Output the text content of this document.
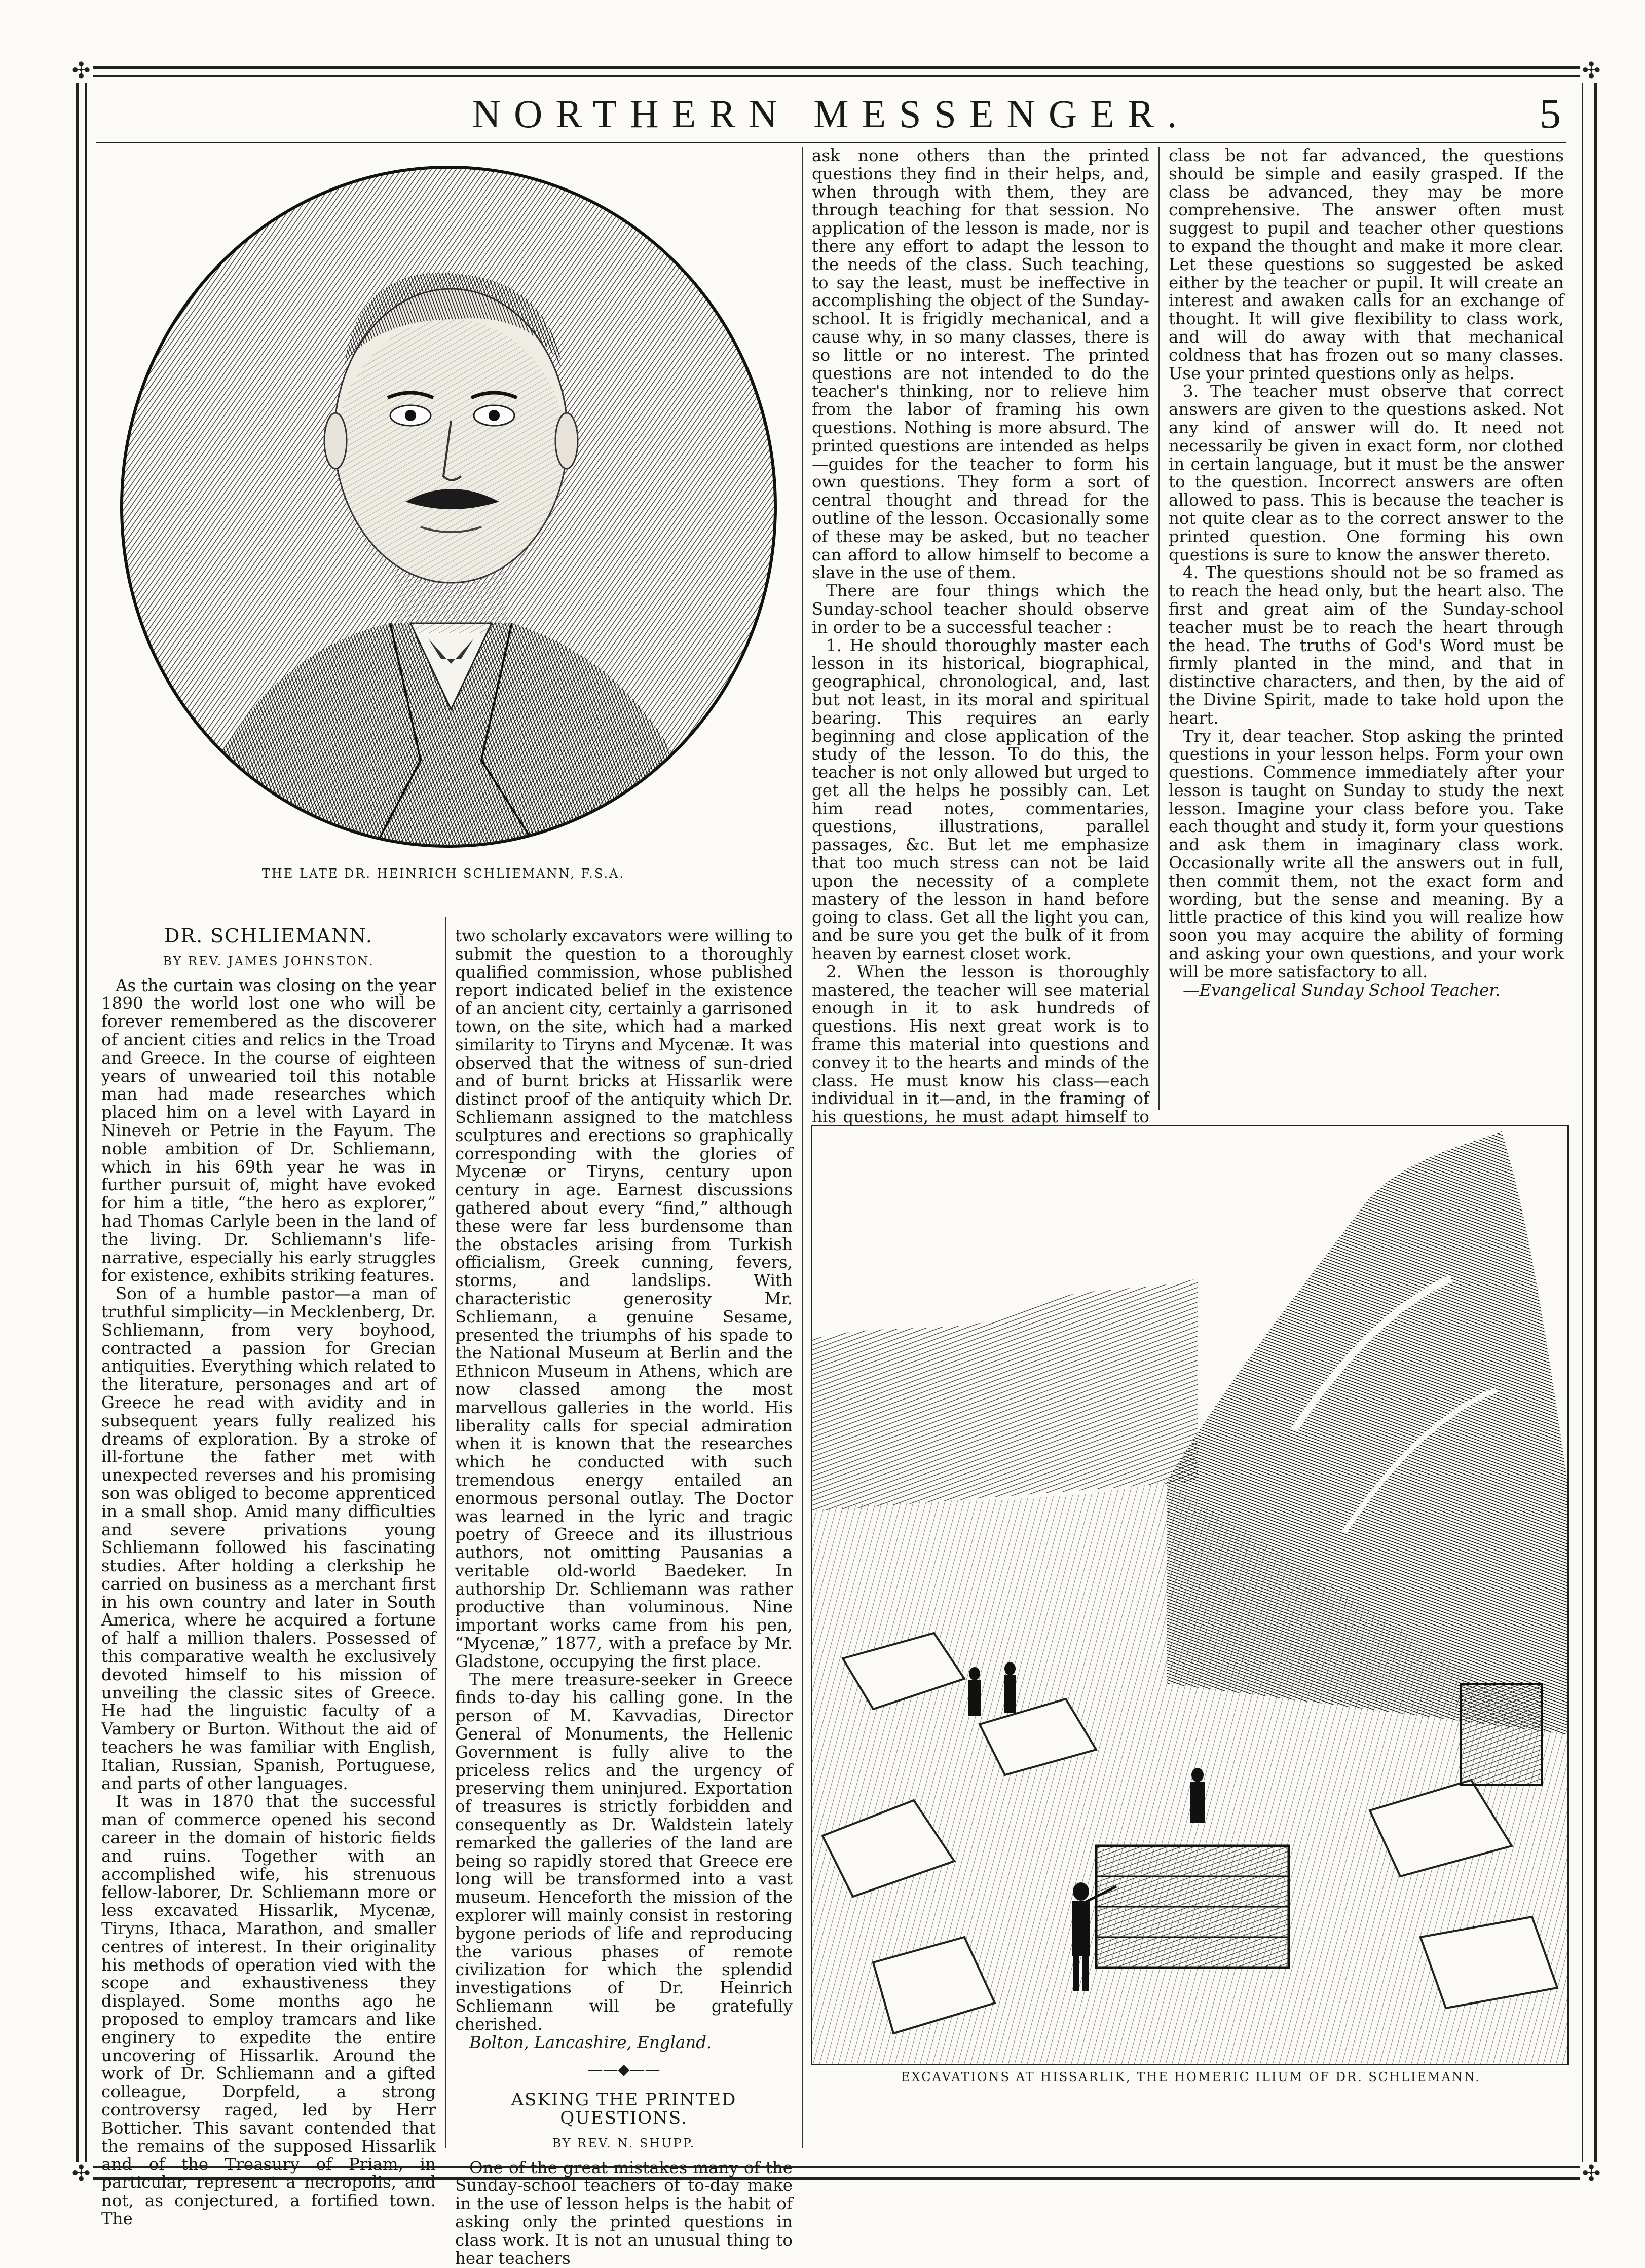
✣	✣
✣	✣
NORTHERN MESSENGER.	5
THE LATE DR. HEINRICH SCHLIEMANN, F.S.A.
DR. SCHLIEMANN.
BY REV. JAMES JOHNSTON.

As the curtain was closing on the year 1890 the world lost one who will be forever remembered as the discoverer of ancient cities and relics in the Troad and Greece. In the course of eighteen years of unwearied toil this notable man had made researches which placed him on a level with Layard in Nineveh or Petrie in the Fayum. The noble ambition of Dr. Schliemann, which in his 69th year he was in further pursuit of, might have evoked for him a title, “the hero as explorer,” had Thomas Carlyle been in the land of the living. Dr. Schliemann's life-narrative, especially his early struggles for existence, exhibits striking features.

Son of a humble pastor—a man of truthful simplicity—in Mecklenberg, Dr. Schliemann, from very boyhood, contracted a passion for Grecian antiquities. Everything which related to the literature, personages and art of Greece he read with avidity and in subsequent years fully realized his dreams of exploration. By a stroke of ill-fortune the father met with unexpected reverses and his promising son was obliged to become apprenticed in a small shop. Amid many difficulties and severe privations young Schliemann followed his fascinating studies. After holding a clerkship he carried on business as a merchant first in his own country and later in South America, where he acquired a fortune of half a million thalers. Possessed of this comparative wealth he exclusively devoted himself to his mission of unveiling the classic sites of Greece. He had the linguistic faculty of a Vambery or Burton. Without the aid of teachers he was familiar with English, Italian, Russian, Spanish, Portuguese, and parts of other languages.

It was in 1870 that the successful man of commerce opened his second career in the domain of historic fields and ruins. Together with an accomplished wife, his strenuous fellow-laborer, Dr. Schliemann more or less excavated Hissarlik, Mycenæ, Tiryns, Ithaca, Marathon, and smaller centres of interest. In their originality his methods of operation vied with the scope and exhaustiveness they displayed. Some months ago he proposed to employ tramcars and like enginery to expedite the entire uncovering of Hissarlik. Around the work of Dr. Schliemann and a gifted colleague, Dorpfeld, a strong controversy raged, led by Herr Botticher. This savant contended that the remains of the supposed Hissarlik and of the Treasury of Priam, in particular, represent a necropolis, and not, as conjectured, a fortified town. The

two scholarly excavators were willing to submit the question to a thoroughly qualified commission, whose published report indicated belief in the existence of an ancient city, certainly a garrisoned town, on the site, which had a marked similarity to Tiryns and Mycenæ. It was observed that the witness of sun-dried and of burnt bricks at Hissarlik were distinct proof of the antiquity which Dr. Schliemann assigned to the matchless sculptures and erections so graphically corresponding with the glories of Mycenæ or Tiryns, century upon century in age. Earnest discussions gathered about every “find,” although these were far less burdensome than the obstacles arising from Turkish officialism, Greek cunning, fevers, storms, and landslips. With characteristic generosity Mr. Schliemann, a genuine Sesame, presented the triumphs of his spade to the National Museum at Berlin and the Ethnicon Museum in Athens, which are now classed among the most marvellous galleries in the world. His liberality calls for special admiration when it is known that the researches which he conducted with such tremendous energy entailed an enormous personal outlay. The Doctor was learned in the lyric and tragic poetry of Greece and its illustrious authors, not omitting Pausanias a veritable old-world Baedeker. In authorship Dr. Schliemann was rather productive than voluminous. Nine important works came from his pen, “Mycenæ,” 1877, with a preface by Mr. Gladstone, occupying the first place.

The mere treasure-seeker in Greece finds to-day his calling gone. In the person of M. Kavvadias, Director General of Monuments, the Hellenic Government is fully alive to the priceless relics and the urgency of preserving them uninjured. Exportation of treasures is strictly forbidden and consequently as Dr. Waldstein lately remarked the galleries of the land are being so rapidly stored that Greece ere long will be transformed into a vast museum. Henceforth the mission of the explorer will mainly consist in restoring bygone periods of life and reproducing the various phases of remote civilization for which the splendid investigations of Dr. Heinrich Schliemann will be gratefully cherished.

Bolton, Lancashire, England.

——◆——
ASKING THE PRINTED QUESTIONS.
BY REV. N. SHUPP.

One of the great mistakes many of the Sunday-school teachers of to-day make in the use of lesson helps is the habit of asking only the printed questions in class work. It is not an unusual thing to hear teachers

ask none others than the printed questions they find in their helps, and, when through with them, they are through teaching for that session. No application of the lesson is made, nor is there any effort to adapt the lesson to the needs of the class. Such teaching, to say the least, must be ineffective in accomplishing the object of the Sunday-school. It is frigidly mechanical, and a cause why, in so many classes, there is so little or no interest. The printed questions are not intended to do the teacher's thinking, nor to relieve him from the labor of framing his own questions. Nothing is more absurd. The printed questions are intended as helps—guides for the teacher to form his own questions. They form a sort of central thought and thread for the outline of the lesson. Occasionally some of these may be asked, but no teacher can afford to allow himself to become a slave in the use of them.

There are four things which the Sunday-school teacher should observe in order to be a successful teacher :

1. He should thoroughly master each lesson in its historical, biographical, geographical, chronological, and, last but not least, in its moral and spiritual bearing. This requires an early beginning and close application of the study of the lesson. To do this, the teacher is not only allowed but urged to get all the helps he possibly can. Let him read notes, commentaries, questions, illustrations, parallel passages, &c. But let me emphasize that too much stress can not be laid upon the necessity of a complete mastery of the lesson in hand before going to class. Get all the light you can, and be sure you get the bulk of it from heaven by earnest closet work.

2. When the lesson is thoroughly mastered, the teacher will see material enough in it to ask hundreds of questions. His next great work is to frame this material into questions and convey it to the hearts and minds of the class. He must know his class—each individual in it—and, in the framing of his questions, he must adapt himself to

class be not far advanced, the questions should be simple and easily grasped. If the class be advanced, they may be more comprehensive. The answer often must suggest to pupil and teacher other questions to expand the thought and make it more clear. Let these questions so suggested be asked either by the teacher or pupil. It will create an interest and awaken calls for an exchange of thought. It will give flexibility to class work, and will do away with that mechanical coldness that has frozen out so many classes. Use your printed questions only as helps.

3. The teacher must observe that correct answers are given to the questions asked. Not any kind of answer will do. It need not necessarily be given in exact form, nor clothed in certain language, but it must be the answer to the question. Incorrect answers are often allowed to pass. This is because the teacher is not quite clear as to the correct answer to the printed question. One forming his own questions is sure to know the answer thereto.

4. The questions should not be so framed as to reach the head only, but the heart also. The first and great aim of the Sunday-school teacher must be to reach the heart through the head. The truths of God's Word must be firmly planted in the mind, and that in distinctive characters, and then, by the aid of the Divine Spirit, made to take hold upon the heart.

Try it, dear teacher. Stop asking the printed questions in your lesson helps. Form your own questions. Commence immediately after your lesson is taught on Sunday to study the next lesson. Imagine your class before you. Take each thought and study it, form your questions and ask them in imaginary class work. Occasionally write all the answers out in full, then commit them, not the exact form and wording, but the sense and meaning. By a little practice of this kind you will realize how soon you may acquire the ability of forming and asking your own questions, and your work will be more satisfactory to all.

—Evangelical Sunday School Teacher.

EXCAVATIONS AT HISSARLIK, THE HOMERIC ILIUM OF DR. SCHLIEMANN.
